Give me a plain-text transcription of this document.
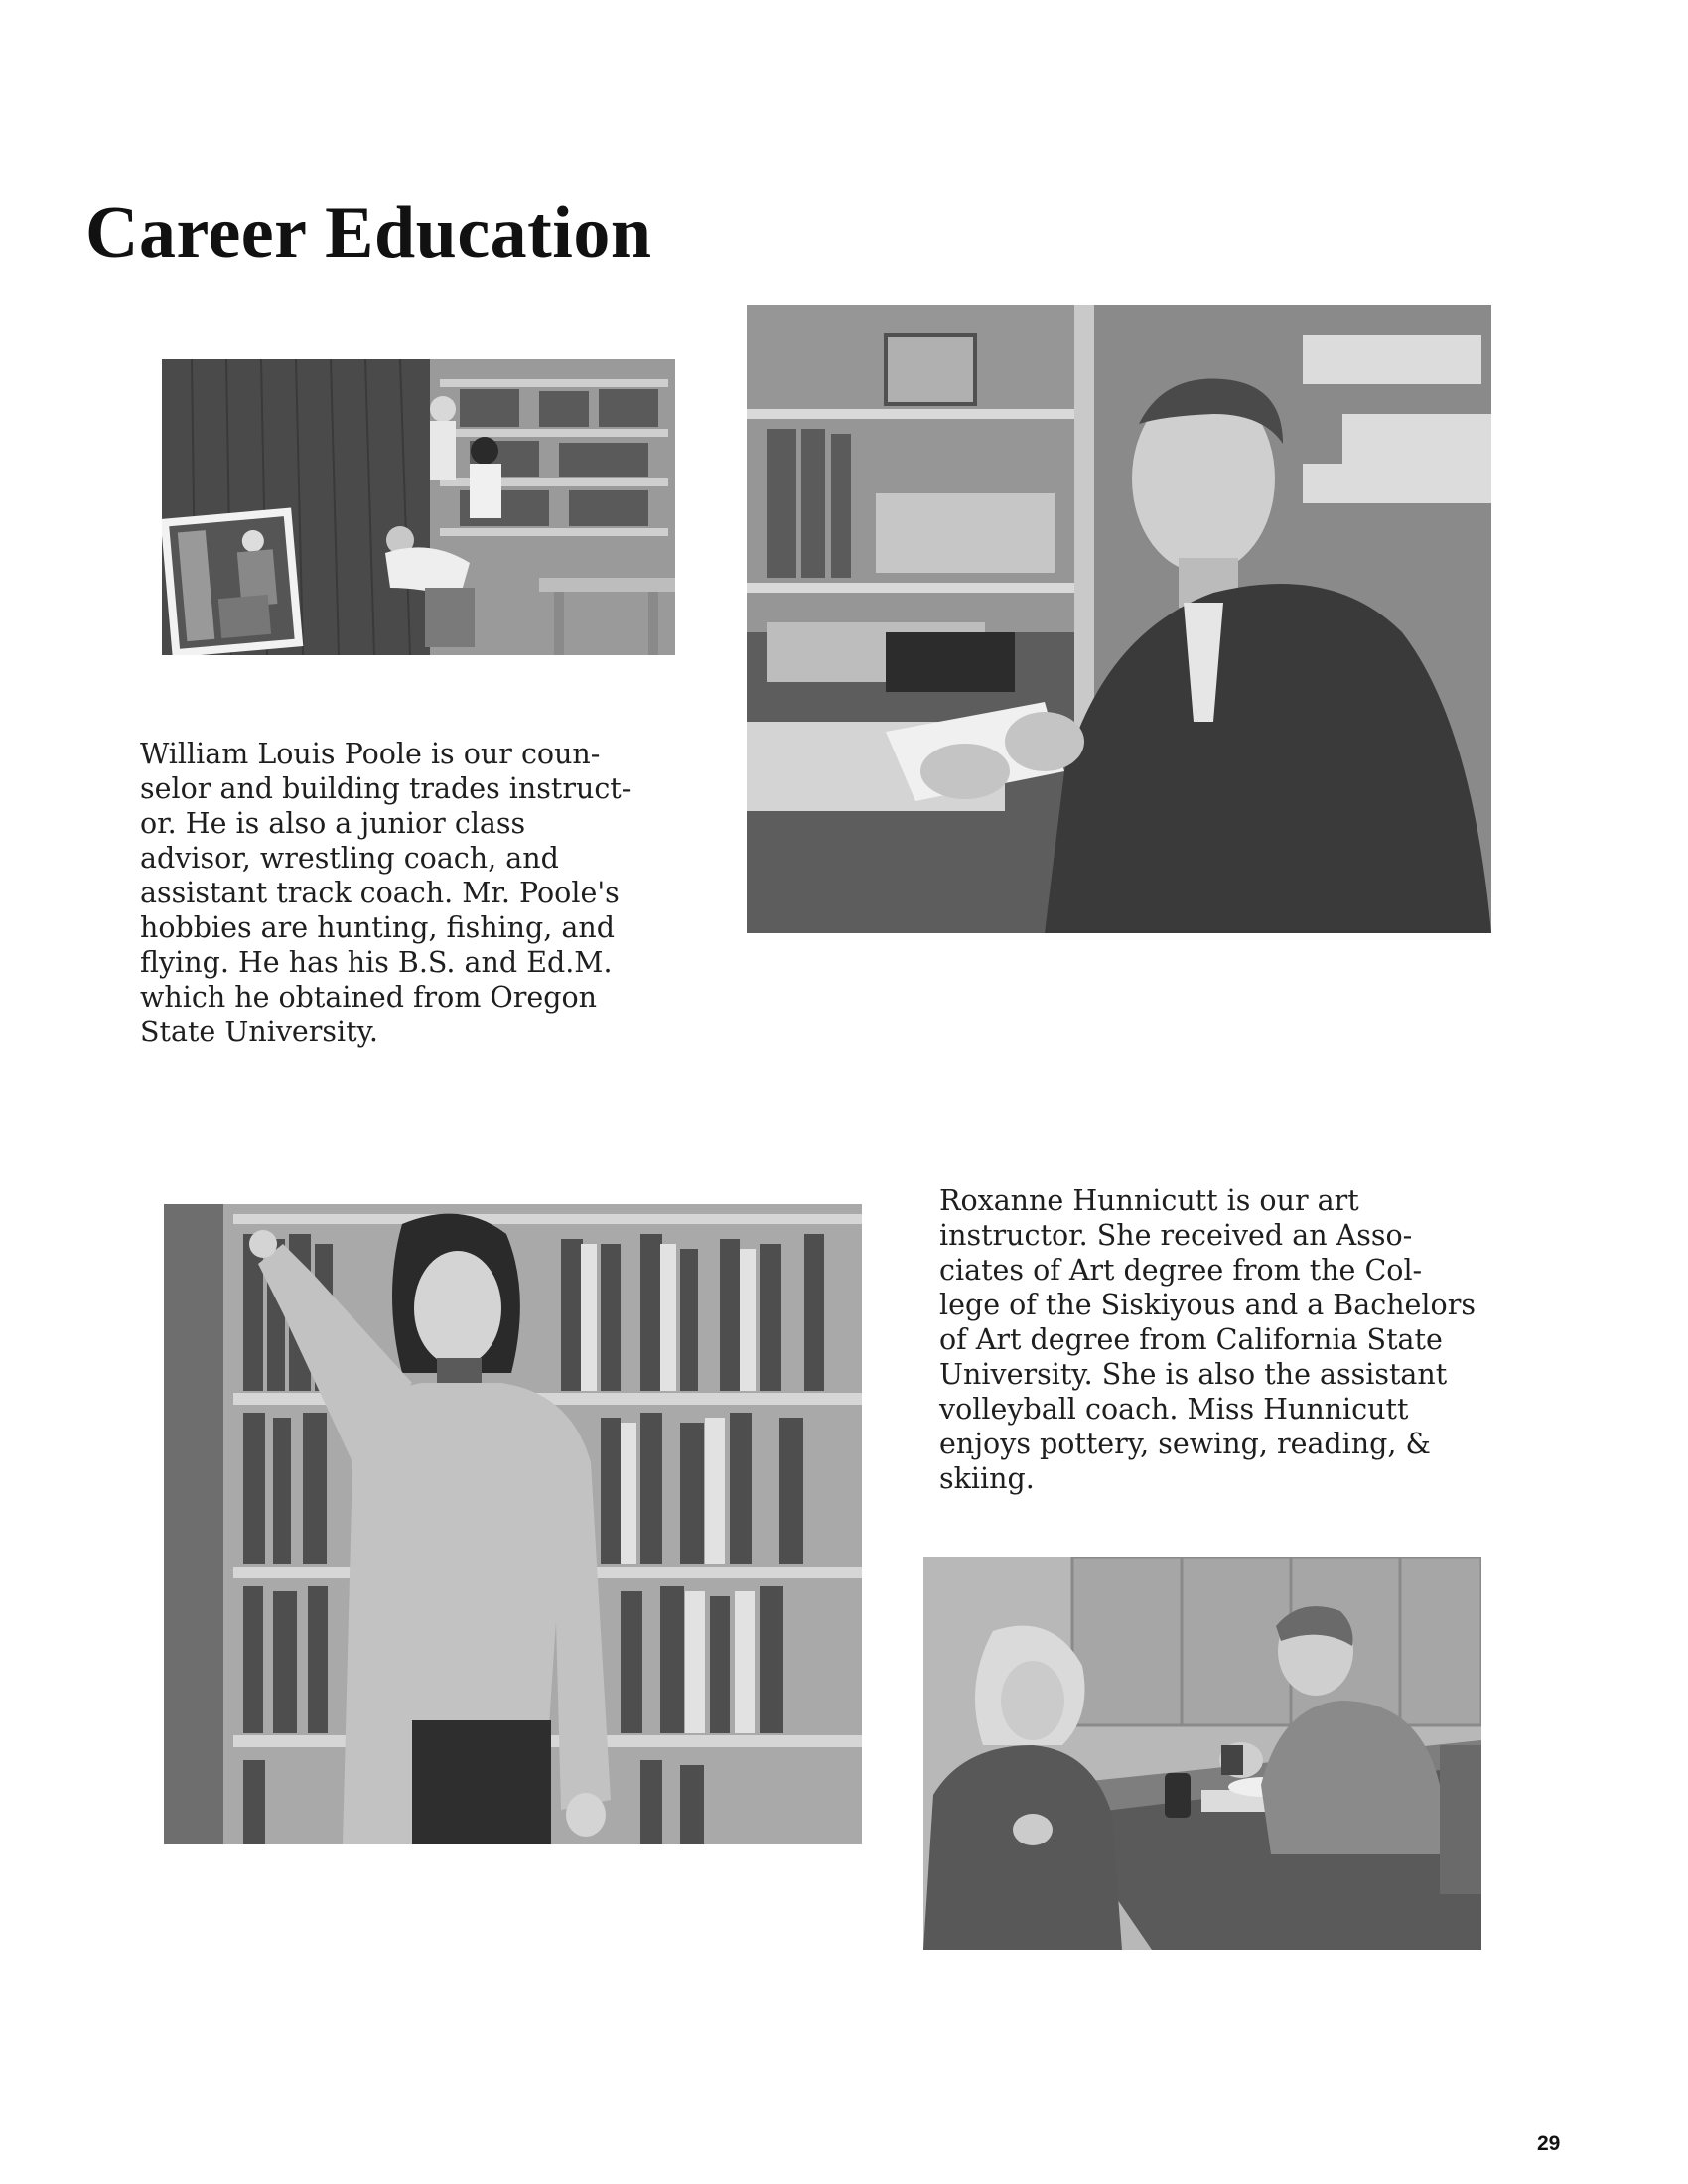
Career Education

William Louis Poole is our coun-
selor and building trades instruct-
or. He is also a junior class
advisor, wrestling coach, and
assistant track coach. Mr. Poole's
hobbies are hunting, fishing, and
flying. He has his B.S. and Ed.M.
which he obtained from Oregon
State University.

Roxanne Hunnicutt is our art
instructor. She received an Asso-
ciates of Art degree from the Col-
lege of the Siskiyous and a Bachelors
of Art degree from California State
University. She is also the assistant
volleyball coach. Miss Hunnicutt
enjoys pottery, sewing, reading, &
skiing.

29
